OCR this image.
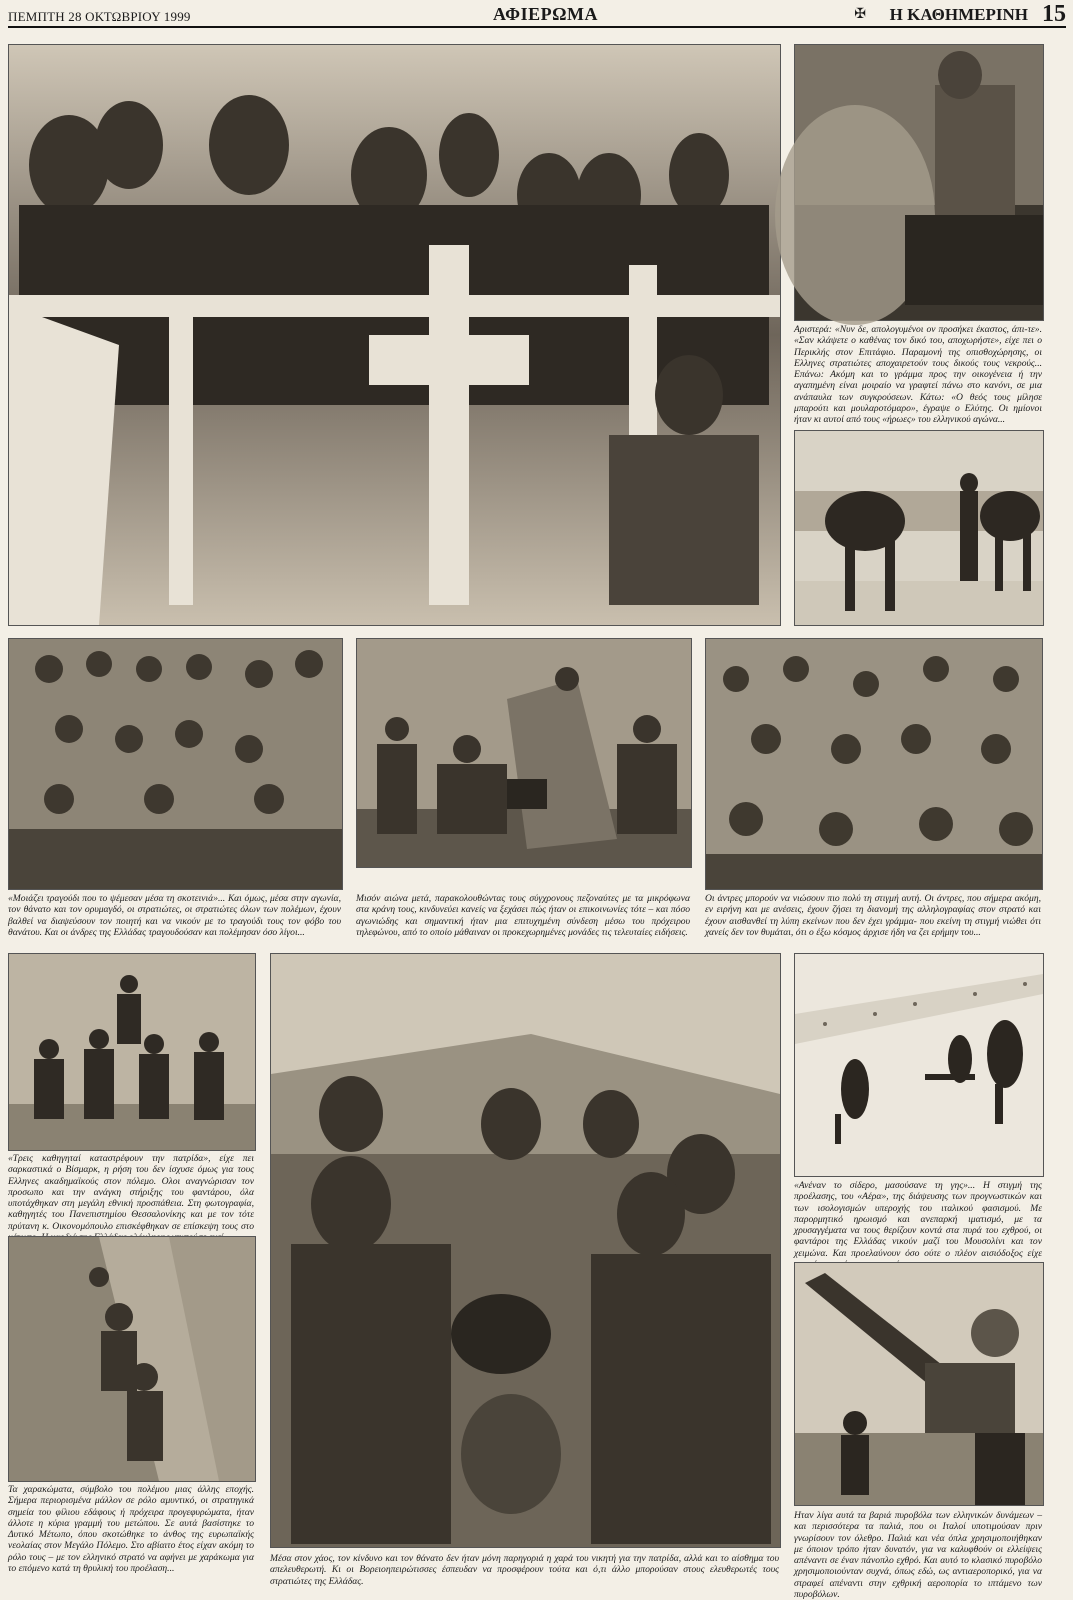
ΠΕΜΠΤΗ 28 ΟΚΤΩΒΡΙΟΥ 1999	ΑΦΙΕΡΩΜΑ	✠ Η ΚΑΘΗΜΕΡΙΝΗ 15
Αριστερά: «Νυν δε, απολογυμένοι ον προσήκει έκαστος, άπι-τε». «Σαν κλάψετε ο καθένας τον δικό του, αποχωρήστε», είχε πει ο Περικλής στον Επιτάφιο. Παραμονή της οπισθοχώρησης, οι Ελληνες στρατιώτες αποχαιρετούν τους δικούς τους νεκρούς... Επάνω: Ακόμη και το γράμμα προς την οικογένεια ή την αγαπημένη είναι μοιραίο να γραφτεί πάνω στο κανόνι, σε μια ανάπαυλα των συγκρούσεων. Κάτω: «Ο θεός τους μίλησε μπαρούτι και μουλαροτόμαρο», έγραψε ο Ελύτης. Οι ημίονοι ήταν κι αυτοί από τους «ήρωες» του ελληνικού αγώνα...
«Μοιάζει τραγούδι που το ψέμεσαν μέσα τη σκοτεινιά»... Και όμως, μέσα στην αγωνία, τον θάνατο και τον ορυμαγδό, οι στρατιώτες, οι στρατιώτες όλων των πολέμων, έχουν βαλθεί να διαψεύσουν τον ποιητή και να νικούν με το τραγούδι τους τον φόβο του θανάτου. Και οι άνδρες της Ελλάδας τραγουδούσαν και πολέμησαν όσο λίγοι...
Μισόν αιώνα μετά, παρακολουθώντας τους σύγχρονους πεζοναύτες με τα μικρόφωνα στα κράνη τους, κινδυνεύει κανείς να ξεχάσει πώς ήταν οι επικοινωνίες τότε – και πόσο αγωνιώδης και σημαντική ήταν μια επιτυχημένη σύνδεση μέσω του πρόχειρου τηλεφώνου, από το οποίο μάθαιναν οι προκεχωρημένες μονάδες τις τελευταίες ειδήσεις.
Οι άντρες μπορούν να νιώσουν πιο πολύ τη στιγμή αυτή. Οι άντρες, που σήμερα ακόμη, εν ειρήνη και με ανέσεις, έχουν ζήσει τη διανομή της αλληλογραφίας στον στρατό και έχουν αισθανθεί τη λύπη εκείνων που δεν έχει γράμμα- που εκείνη τη στιγμή νιώθει ότι χανείς δεν τον θυμάται, ότι ο έξω κόσμος άρχισε ήδη να ζει ερήμην του...
«Τρεις καθηγηταί καταστρέφουν την πατρίδα», είχε πει σαρκαστικά ο Βίσμαρκ, η ρήση του δεν ίσχυσε όμως για τους Ελληνες ακαδημαϊκούς στον πόλεμο. Ολοι αναγνώρισαν τον προσωπο και την ανάγκη στήριξης του φαντάρου, όλα υποτάχθηκαν στη μεγάλη εθνική προσπάθεια. Στη φωτογραφία, καθηγητές του Πανεπιστημίου Θεσσαλονίκης και με τον τότε πρύτανη κ. Οικονομόπουλο επισκέφθηκαν σε επίσκεψη τους στο
Τα χαρακώματα, σύμβολο του πολέμου μιας άλλης εποχής. Σήμερα περιορισμένα μάλλον σε ρόλο αμυντικό, οι στρατηγικά σημεία του φίλιου εδάφους ή πρόχειρα προγεφυρώματα, ήταν άλλοτε η κύρια γραμμή του μετώπου. Σε αυτά βασίστηκε το Δυτικό Μέτωπο, όπου σκοτώθηκε το άνθος της ευρωπαϊκής νεολαίας στον Μεγάλο Πόλεμο. Στο αβίαιτο έτος είχαν ακόμη το ρόλο τους – με τον ελληνικό στρατό να αφήνει με χαράκωμα για το επόμενο κατά τη θρυλική του προέλαση...
Μέσα στον χάος, τον κίνδυνο και τον θάνατο δεν ήταν μόνη παρηγοριά η χαρά του νικητή για την πατρίδα, αλλά και το αίσθημα του απελευθερωτή. Κι οι Βορειοηπειρώτισσες έσπευδαν να προσφέρουν τούτα και ό,τι άλλο μπορούσαν στους ελευθερωτές τους στρατιώτες της Ελλάδας.
«Ανέναν το σίδερο, μασούσανε τη γης»... Η στιγμή της προέλασης, του «Αέρα», της διάψευσης των προγνωστικών και των ισολογισμών υπεροχής του ιταλικού φασισμού. Με παρορμητικό ηρωισμό και ανεπαρκή ιματισμό, με τα χρυσαγγέματα να τους θερίζουν κοντά στα πυρά του εχθρού, οι φαντάροι της Ελλάδας νικούν μαζί του Μουσολίνι και τον χειμώνα. Και προελαύνουν όσο ούτε ο πλέον αισιόδοξος είχε
Ηταν λίγα αυτά τα βαριά πυροβόλα των ελληνικών δυνάμεων –και περισσότερα τα παλιά, που οι Ιταλοί υποτιμούσαν πριν γνωρίσουν τον όλεθρο. Παλιά και νέα όπλα χρησιμοποιήθηκαν με όποιον τρόπο ήταν δυνατόν, για να καλυφθούν οι ελλείψεις απέναντι σε έναν πάνοπλο εχθρό. Και αυτό το κλασικό πυροβόλο χρησιμοποιούνταν συχνά, όπως εδώ, ως αντιαεροπορικό, για να στραφεί απέναντι στην εχθρική αεροπορία το ιπτάμενο των πυροβόλων.
